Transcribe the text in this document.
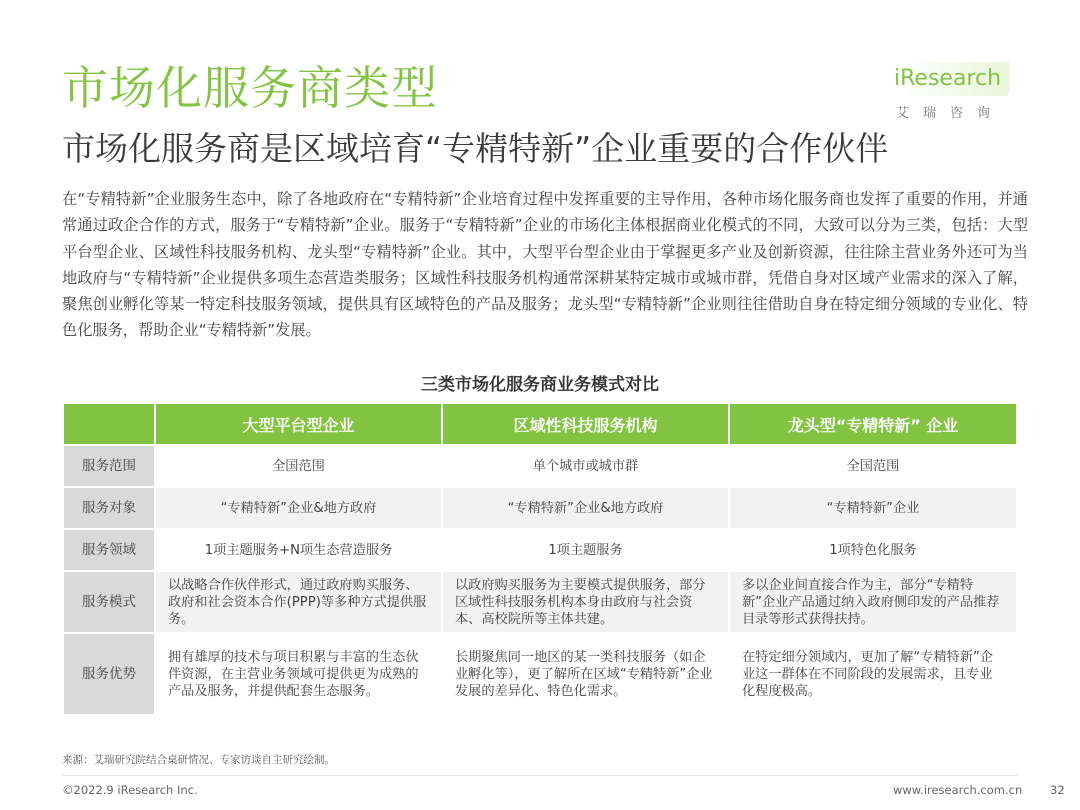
市场化服务商类型
市场化服务商是区域培育“专精特新”企业重要的合作伙伴
iResearch
艾瑞咨询

在“专精特新”企业服务生态中，除了各地政府在“专精特新”企业培育过程中发挥重要的主导作用，各种市场化服务商也发挥了重要的作用，并通常通过政企合作的方式，服务于“专精特新”企业。服务于“专精特新”企业的市场化主体根据商业化模式的不同，大致可以分为三类，包括：大型平台型企业、区域性科技服务机构、龙头型“专精特新”企业。其中，大型平台型企业由于掌握更多产业及创新资源，往往除主营业务外还可为当地政府与“专精特新”企业提供多项生态营造类服务；区域性科技服务机构通常深耕某特定城市或城市群，凭借自身对区域产业需求的深入了解，聚焦创业孵化等某一特定科技服务领域，提供具有区域特色的产品及服务；龙头型“专精特新”企业则往往借助自身在特定细分领域的专业化、特色化服务，帮助企业“专精特新”发展。

三类市场化服务商业务模式对比
	大型平台型企业	区域性科技服务机构	龙头型“专精特新” 企业
服务范围	全国范围	单个城市或城市群	全国范围
服务对象	“专精特新”企业&地方政府	“专精特新”企业&地方政府	“专精特新”企业
服务领域	1项主题服务+N项生态营造服务	1项主题服务	1项特色化服务
服务模式	以战略合作伙伴形式，通过政府购买服务、政府和社会资本合作(PPP)等多种方式提供服务。	以政府购买服务为主要模式提供服务，部分区域性科技服务机构本身由政府与社会资本、高校院所等主体共建。	多以企业间直接合作为主，部分“专精特新”企业产品通过纳入政府侧印发的产品推荐目录等形式获得扶持。
服务优势	拥有雄厚的技术与项目积累与丰富的生态伙伴资源，在主营业务领域可提供更为成熟的产品及服务，并提供配套生态服务。	长期聚焦同一地区的某一类科技服务（如企业孵化等），更了解所在区域“专精特新”企业发展的差异化、特色化需求。	在特定细分领域内，更加了解“专精特新”企业这一群体在不同阶段的发展需求，且专业化程度极高。

来源：艾瑞研究院结合桌研情况、专家访谈自主研究绘制。

©2022.9 iResearch Inc.	www.iresearch.com.cn 32
